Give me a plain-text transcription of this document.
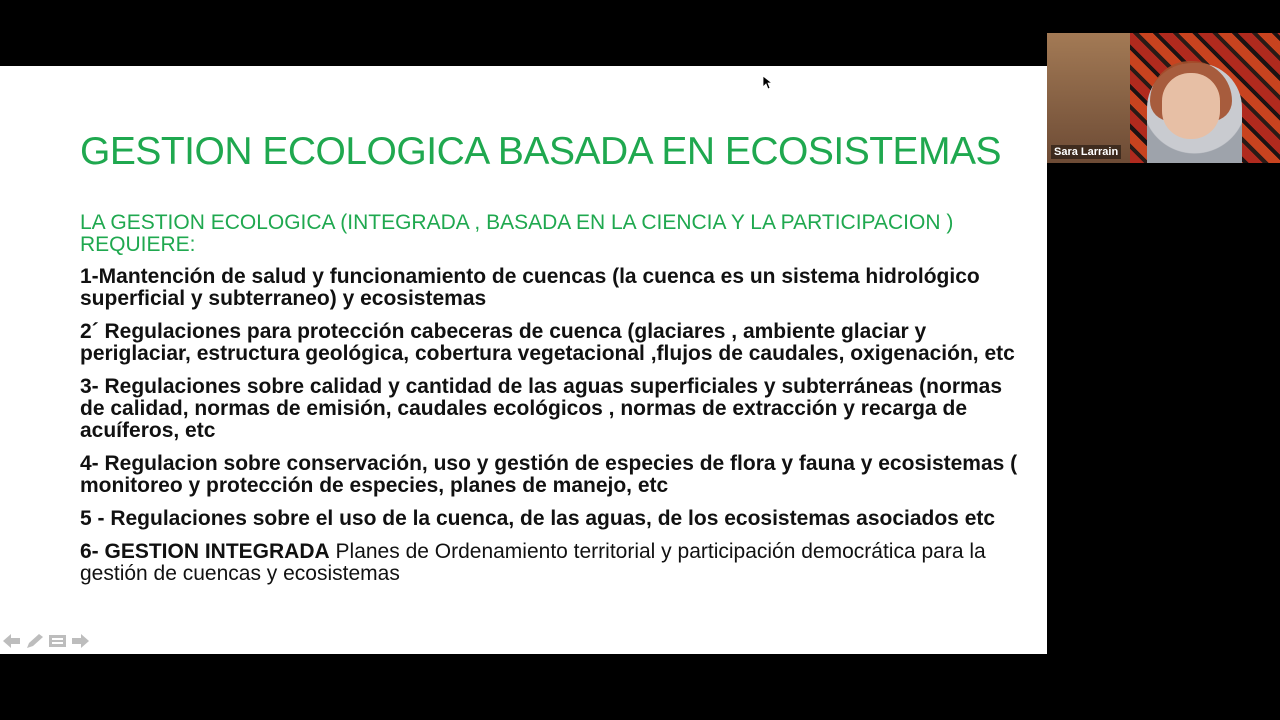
GESTION ECOLOGICA BASADA EN ECOSISTEMAS

LA GESTION ECOLOGICA (INTEGRADA , BASADA EN LA CIENCIA Y LA PARTICIPACION ) REQUIERE:

1-Mantención de salud y funcionamiento de cuencas (la cuenca es un sistema hidrológico superficial y subterraneo) y ecosistemas
2´ Regulaciones para protección cabeceras de cuenca (glaciares , ambiente glaciar y periglaciar, estructura geológica, cobertura vegetacional ,flujos de caudales, oxigenación, etc
3- Regulaciones sobre calidad y cantidad de las aguas superficiales y subterráneas (normas de calidad, normas de emisión, caudales ecológicos , normas de extracción y recarga de acuíferos, etc
4- Regulacion sobre conservación, uso y gestión de especies de flora y fauna y ecosistemas ( monitoreo y protección de especies, planes de manejo, etc
5 - Regulaciones sobre el uso de la cuenca, de las aguas, de los ecosistemas asociados etc
6- GESTION INTEGRADA Planes de Ordenamiento territorial y participación democrática para la gestión de cuencas y ecosistemas
Sara Larrain
